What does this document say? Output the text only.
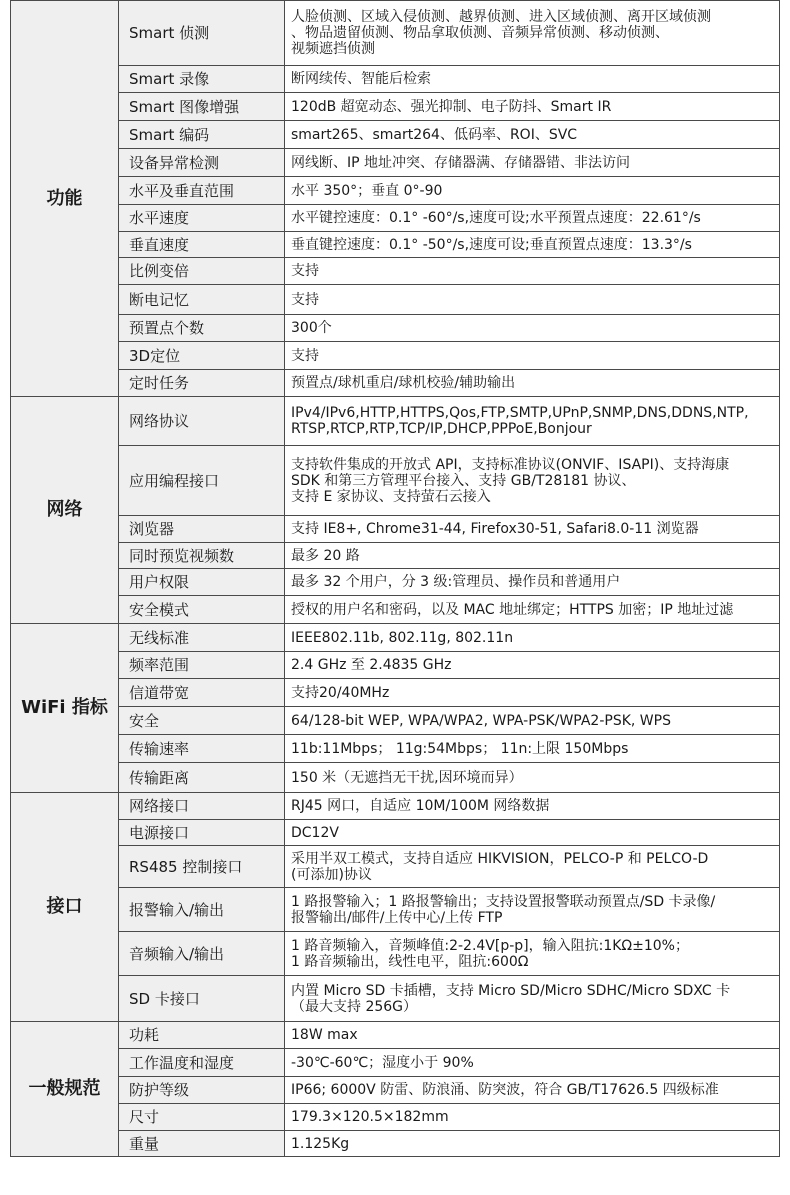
功能	Smart 侦测	人脸侦测、区域入侵侦测、越界侦测、进入区域侦测、离开区域侦测
、物品遗留侦测、物品拿取侦测、音频异常侦测、移动侦测、
视频遮挡侦测

	Smart 录像	断网续传、智能后检索

	Smart 图像增强	120dB 超宽动态、强光抑制、电子防抖、Smart IR

	Smart 编码	smart265、smart264、低码率、ROI、SVC

	设备异常检测	网线断、IP 地址冲突、存储器满、存储器错、非法访问

	水平及垂直范围	水平 350°；垂直 0°-90

	水平速度	水平键控速度：0.1° -60°/s,速度可设;水平预置点速度：22.61°/s

	垂直速度	垂直键控速度：0.1° -50°/s,速度可设;垂直预置点速度：13.3°/s

	比例变倍	支持

	断电记忆	支持

	预置点个数	300个

	3D定位	支持

	定时任务	预置点/球机重启/球机校验/辅助输出

网络	网络协议	IPv4/IPv6,HTTP,HTTPS,Qos,FTP,SMTP,UPnP,SNMP,DNS,DDNS,NTP,
RTSP,RTCP,RTP,TCP/IP,DHCP,PPPoE,Bonjour

	应用编程接口	支持软件集成的开放式 API，支持标准协议(ONVIF、ISAPI)、支持海康
SDK 和第三方管理平台接入、支持 GB/T28181 协议、
支持 E 家协议、支持萤石云接入

	浏览器	支持 IE8+, Chrome31-44, Firefox30-51, Safari8.0-11 浏览器

	同时预览视频数	最多 20 路

	用户权限	最多 32 个用户，分 3 级:管理员、操作员和普通用户

	安全模式	授权的用户名和密码，以及 MAC 地址绑定；HTTPS 加密；IP 地址过滤

WiFi 指标	无线标准	IEEE802.11b, 802.11g, 802.11n

	频率范围	2.4 GHz 至 2.4835 GHz

	信道带宽	支持20/40MHz

	安全	64/128-bit WEP, WPA/WPA2, WPA-PSK/WPA2-PSK, WPS

	传输速率	11b:11Mbps； 11g:54Mbps； 11n:上限 150Mbps

	传输距离	150 米（无遮挡无干扰,因环境而异）

接口	网络接口	RJ45 网口，自适应 10M/100M 网络数据

	电源接口	DC12V

	RS485 控制接口	采用半双工模式，支持自适应 HIKVISION，PELCO-P 和 PELCO-D
(可添加)协议

	报警输入/输出	1 路报警输入；1 路报警输出；支持设置报警联动预置点/SD 卡录像/
报警输出/邮件/上传中心/上传 FTP

	音频输入/输出	1 路音频输入，音频峰值:2-2.4V[p-p]，输入阻抗:1KΩ±10%；
1 路音频输出，线性电平，阻抗:600Ω

	SD 卡接口	内置 Micro SD 卡插槽，支持 Micro SD/Micro SDHC/Micro SDXC 卡
（最大支持 256G）

一般规范	功耗	18W max

	工作温度和湿度	-30℃-60℃；湿度小于 90%

	防护等级	IP66; 6000V 防雷、防浪涌、防突波，符合 GB/T17626.5 四级标准

	尺寸	179.3×120.5×182mm

	重量	1.125Kg
